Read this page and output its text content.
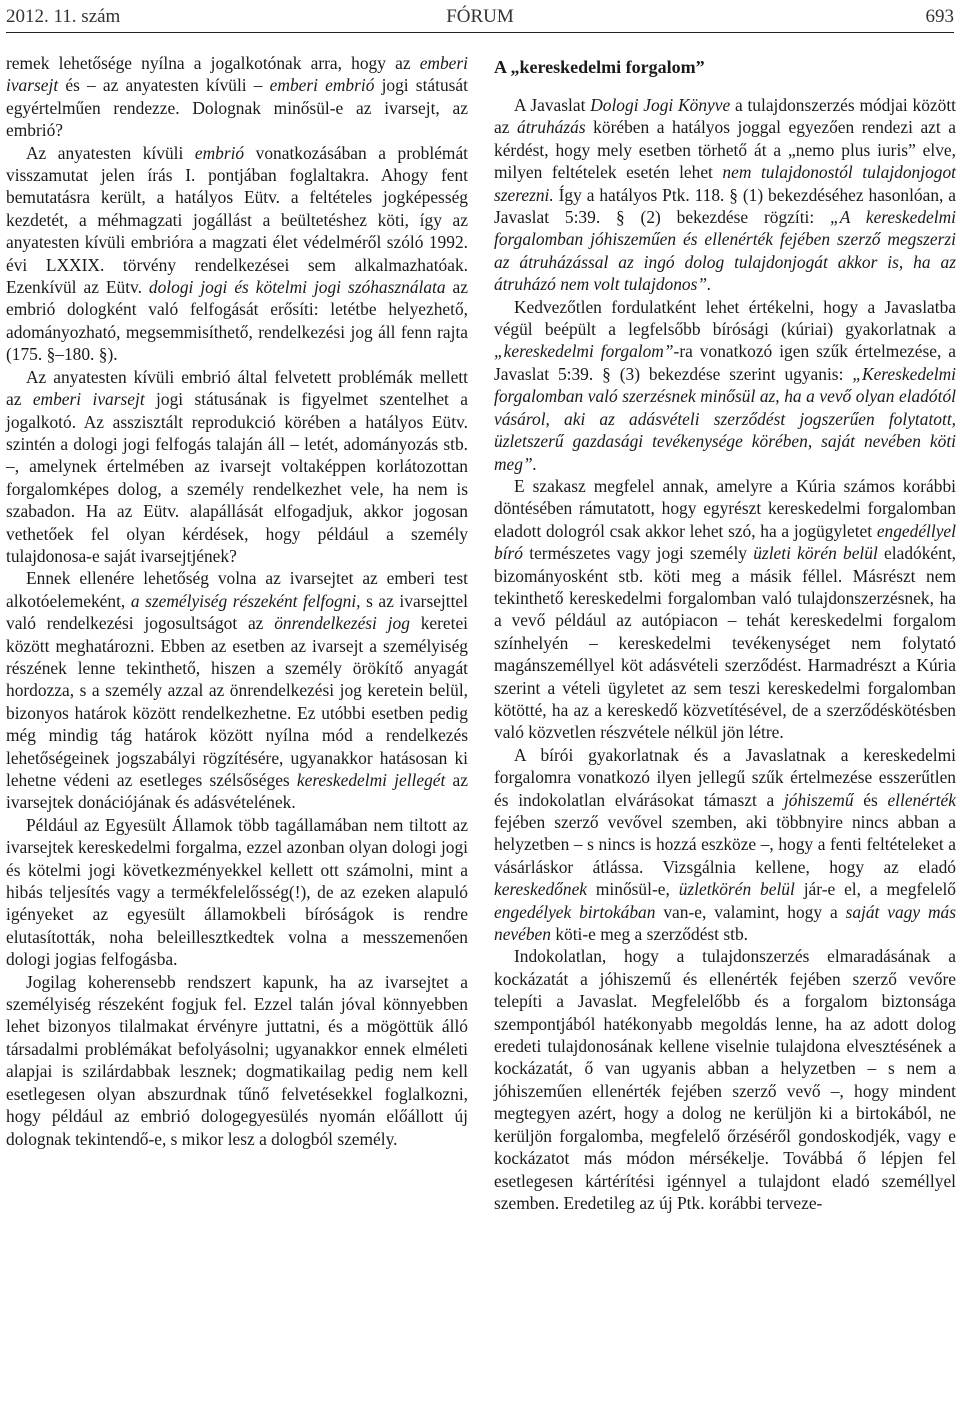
2012. 11. szám	FÓRUM	693

remek lehetősége nyílna a jogalkotónak arra, hogy az emberi ivarsejt és – az anyatesten kívüli – emberi embrió jogi státusát egyértelműen rendezze. Dolognak minősül-e az ivarsejt, az embrió?

Az anyatesten kívüli embrió vonatkozásában a problémát visszamutat jelen írás I. pontjában foglaltakra. Ahogy fent bemutatásra került, a hatályos Eütv. a feltételes jogképesség kezdetét, a méhmagzati jogállást a beültetéshez köti, így az anyatesten kívüli embrióra a magzati élet védelméről szóló 1992. évi LXXIX. törvény rendelkezései sem alkalmazhatóak. Ezenkívül az Eütv. dologi jogi és kötelmi jogi szóhasználata az embrió dologként való felfogását erősíti: letétbe helyezhető, adományozható, megsemmisíthető, rendelkezési jog áll fenn rajta (175. §–180. §).

Az anyatesten kívüli embrió által felvetett problémák mellett az emberi ivarsejt jogi státusának is figyelmet szentelhet a jogalkotó. Az asszisztált reprodukció körében a hatályos Eütv. szintén a dologi jogi felfogás talaján áll – letét, adományozás stb. –, amelynek értelmében az ivarsejt voltaképpen korlátozottan forgalomképes dolog, a személy rendelkezhet vele, ha nem is szabadon. Ha az Eütv. alapállását elfogadjuk, akkor jogosan vethetőek fel olyan kérdések, hogy például a személy tulajdonosa-e saját ivarsejtjének?

Ennek ellenére lehetőség volna az ivarsejtet az emberi test alkotóelemeként, a személyiség részeként felfogni, s az ivarsejttel való rendelkezési jogosultságot az önrendelkezési jog keretei között meghatározni. Ebben az esetben az ivarsejt a személyiség részének lenne tekinthető, hiszen a személy örökítő anyagát hordozza, s a személy azzal az önrendelkezési jog keretein belül, bizonyos határok között rendelkezhetne. Ez utóbbi esetben pedig még mindig tág határok között nyílna mód a rendelkezés lehetőségeinek jogszabályi rögzítésére, ugyanakkor hatásosan ki lehetne védeni az esetleges szélsőséges kereskedelmi jellegét az ivarsejtek donációjának és adásvételének.

Például az Egyesült Államok több tagállamában nem tiltott az ivarsejtek kereskedelmi forgalma, ezzel azonban olyan dologi jogi és kötelmi jogi következményekkel kellett ott számolni, mint a hibás teljesítés vagy a termékfelelősség(!), de az ezeken alapuló igényeket az egyesült államokbeli bíróságok is rendre elutasították, noha beleillesztkedtek volna a messzemenően dologi jogias felfogásba.

Jogilag koherensebb rendszert kapunk, ha az ivarsejtet a személyiség részeként fogjuk fel. Ezzel talán jóval könnyebben lehet bizonyos tilalmakat érvényre juttatni, és a mögöttük álló társadalmi problémákat befolyásolni; ugyanakkor ennek elméleti alapjai is szilárdabbak lesznek; dogmatikailag pedig nem kell esetlegesen olyan abszurdnak tűnő felvetésekkel foglalkozni, hogy például az embrió dologegyesülés nyomán előállott új dolognak tekintendő-e, s mikor lesz a dologból személy.

A „kereskedelmi forgalom”

A Javaslat Dologi Jogi Könyve a tulajdonszerzés módjai között az átruházás körében a hatályos joggal egyezően rendezi azt a kérdést, hogy mely esetben törhető át a „nemo plus iuris” elve, milyen feltételek esetén lehet nem tulajdonostól tulajdonjogot szerezni. Így a hatályos Ptk. 118. § (1) bekezdéséhez hasonlóan, a Javaslat 5:39. § (2) bekezdése rögzíti: „A kereskedelmi forgalomban jóhiszeműen és ellenérték fejében szerző megszerzi az átruházással az ingó dolog tulajdonjogát akkor is, ha az átruházó nem volt tulajdonos”.

Kedvezőtlen fordulatként lehet értékelni, hogy a Javaslatba végül beépült a legfelsőbb bírósági (kúriai) gyakorlatnak a „kereskedelmi forgalom”-ra vonatkozó igen szűk értelmezése, a Javaslat 5:39. § (3) bekezdése szerint ugyanis: „Kereskedelmi forgalomban való szerzésnek minősül az, ha a vevő olyan eladótól vásárol, aki az adásvételi szerződést jogszerűen folytatott, üzletszerű gazdasági tevékenysége körében, saját nevében köti meg”.

E szakasz megfelel annak, amelyre a Kúria számos korábbi döntésében rámutatott, hogy egyrészt kereskedelmi forgalomban eladott dologról csak akkor lehet szó, ha a jogügyletet engedéllyel bíró természetes vagy jogi személy üzleti körén belül eladóként, bizományosként stb. köti meg a másik féllel. Másrészt nem tekinthető kereskedelmi forgalomban való tulajdonszerzésnek, ha a vevő például az autópiacon – tehát kereskedelmi forgalom színhelyén – kereskedelmi tevékenységet nem folytató magánszeméllyel köt adásvételi szerződést. Harmadrészt a Kúria szerint a vételi ügyletet az sem teszi kereskedelmi forgalomban kötötté, ha az a kereskedő közvetítésével, de a szerződéskötésben való közvetlen részvétele nélkül jön létre.

A bírói gyakorlatnak és a Javaslatnak a kereskedelmi forgalomra vonatkozó ilyen jellegű szűk értelmezése esszerűtlen és indokolatlan elvárásokat támaszt a jóhiszemű és ellenérték fejében szerző vevővel szemben, aki többnyire nincs abban a helyzetben – s nincs is hozzá eszköze –, hogy a fenti feltételeket a vásárláskor átlássa. Vizsgálnia kellene, hogy az eladó kereskedőnek minősül-e, üzletkörén belül jár-e el, a megfelelő engedélyek birtokában van-e, valamint, hogy a saját vagy más nevében köti-e meg a szerződést stb.

Indokolatlan, hogy a tulajdonszerzés elmaradásának a kockázatát a jóhiszemű és ellenérték fejében szerző vevőre telepíti a Javaslat. Megfelelőbb és a forgalom biztonsága szempontjából hatékonyabb megoldás lenne, ha az adott dolog eredeti tulajdonosának kellene viselnie tulajdona elvesztésének a kockázatát, ő van ugyanis abban a helyzetben – s nem a jóhiszeműen ellenérték fejében szerző vevő –, hogy mindent megtegyen azért, hogy a dolog ne kerüljön ki a birtokából, ne kerüljön forgalomba, megfelelő őrzéséről gondoskodjék, vagy e kockázatot más módon mérsékelje. Továbbá ő lépjen fel esetlegesen kártérítési igénnyel a tulajdont eladó személlyel szemben. Eredetileg az új Ptk. korábbi terveze-
